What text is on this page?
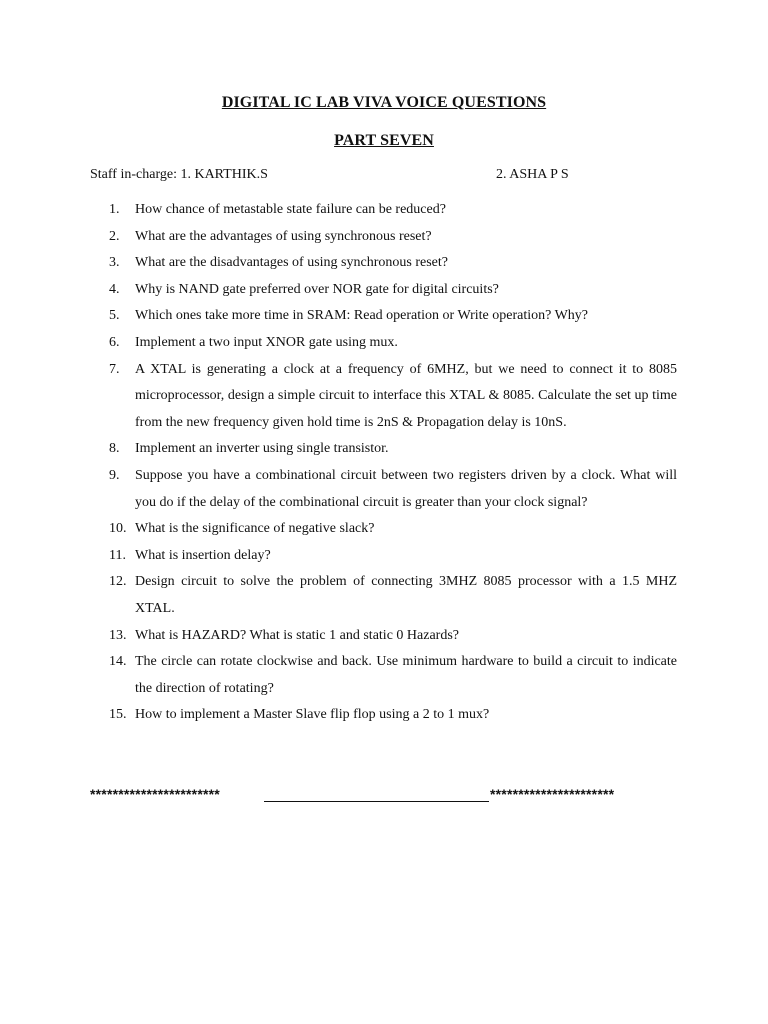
DIGITAL IC LAB VIVA VOICE QUESTIONS
PART SEVEN
Staff in-charge: 1. KARTHIK.S	2. ASHA P S
1.	How chance of metastable state failure can be reduced?
2.	What are the advantages of using synchronous reset?
3.	What are the disadvantages of using synchronous reset?
4.	Why is NAND gate preferred over NOR gate for digital circuits?
5.	Which ones take more time in SRAM: Read operation or Write operation? Why?
6.	Implement a two input XNOR gate using mux.
7.	A XTAL is generating a clock at a frequency of 6MHZ, but we need to connect it to 8085 microprocessor, design a simple circuit to interface this XTAL & 8085. Calculate the set up time from the new frequency given hold time is 2nS & Propagation delay is 10nS.
8.	Implement an inverter using single transistor.
9.	Suppose you have a combinational circuit between two registers driven by a clock. What will you do if the delay of the combinational circuit is greater than your clock signal?
10. What is the significance of negative slack?
11. What is insertion delay?
12. Design circuit to solve the problem of connecting 3MHZ 8085 processor with a 1.5 MHZ XTAL.
13. What is HAZARD? What is static 1 and static 0 Hazards?
14. The circle can rotate clockwise and back. Use minimum hardware to build a circuit to indicate the direction of rotating?
15. How to implement a Master Slave flip flop using a 2 to 1 mux?
***********************	**********************
